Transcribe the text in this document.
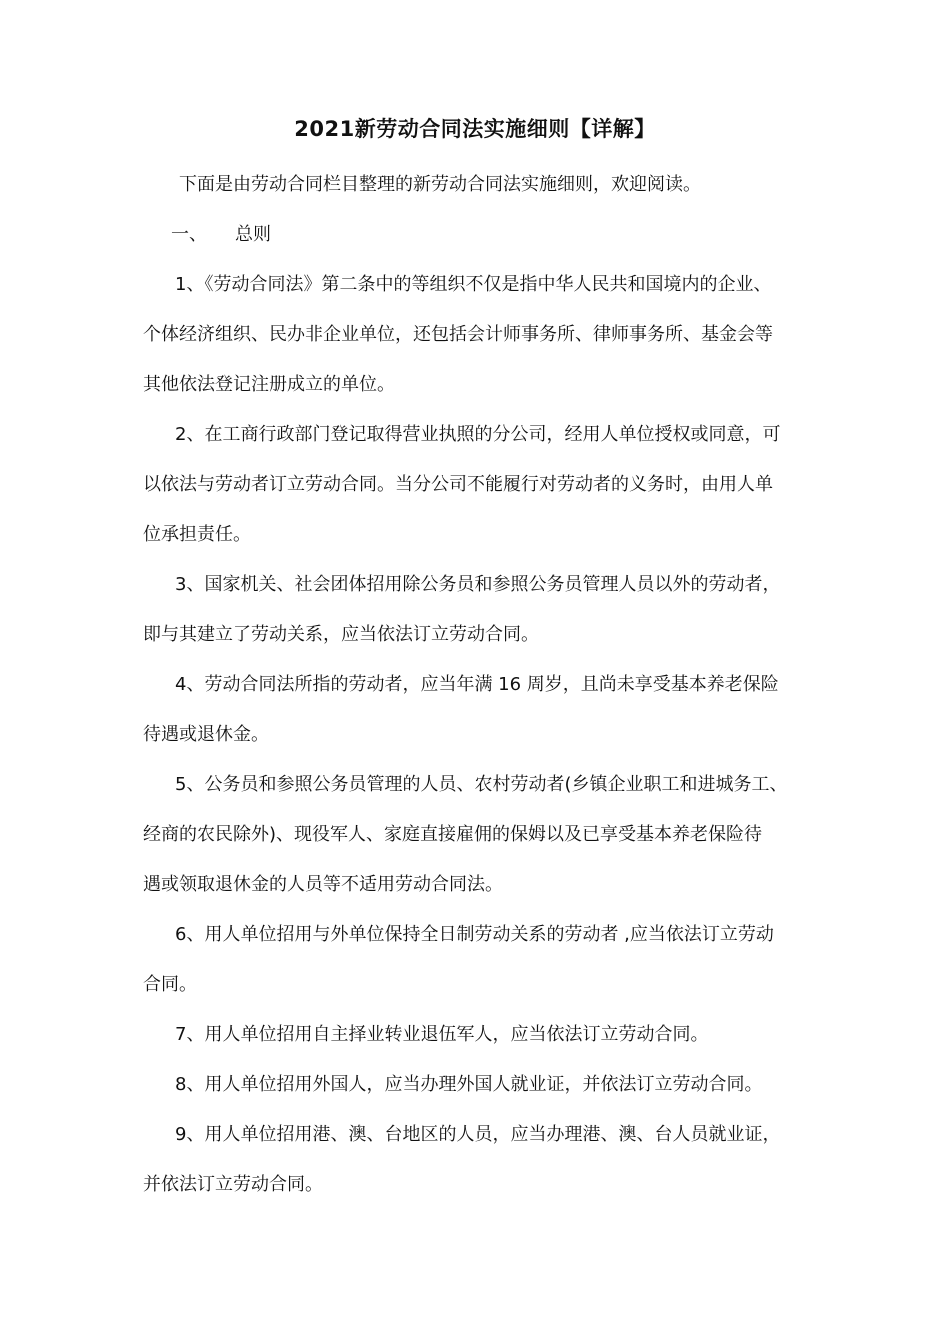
2021新劳动合同法实施细则【详解】
下面是由劳动合同栏目整理的新劳动合同法实施细则，欢迎阅读。
一、 总则
1、《劳动合同法》第二条中的等组织不仅是指中华人民共和国境内的企业、
个体经济组织、民办非企业单位，还包括会计师事务所、律师事务所、基金会等
其他依法登记注册成立的单位。
2、在工商行政部门登记取得营业执照的分公司，经用人单位授权或同意，可
以依法与劳动者订立劳动合同。当分公司不能履行对劳动者的义务时，由用人单
位承担责任。
3、国家机关、社会团体招用除公务员和参照公务员管理人员以外的劳动者，
即与其建立了劳动关系，应当依法订立劳动合同。
4、劳动合同法所指的劳动者，应当年满 16 周岁，且尚未享受基本养老保险
待遇或退休金。
5、公务员和参照公务员管理的人员、农村劳动者(乡镇企业职工和进城务工、
经商的农民除外)、现役军人、家庭直接雇佣的保姆以及已享受基本养老保险待
遇或领取退休金的人员等不适用劳动合同法。
6、用人单位招用与外单位保持全日制劳动关系的劳动者 ,应当依法订立劳动
合同。
7、用人单位招用自主择业转业退伍军人，应当依法订立劳动合同。
8、用人单位招用外国人，应当办理外国人就业证，并依法订立劳动合同。
9、用人单位招用港、澳、台地区的人员，应当办理港、澳、台人员就业证，
并依法订立劳动合同。
